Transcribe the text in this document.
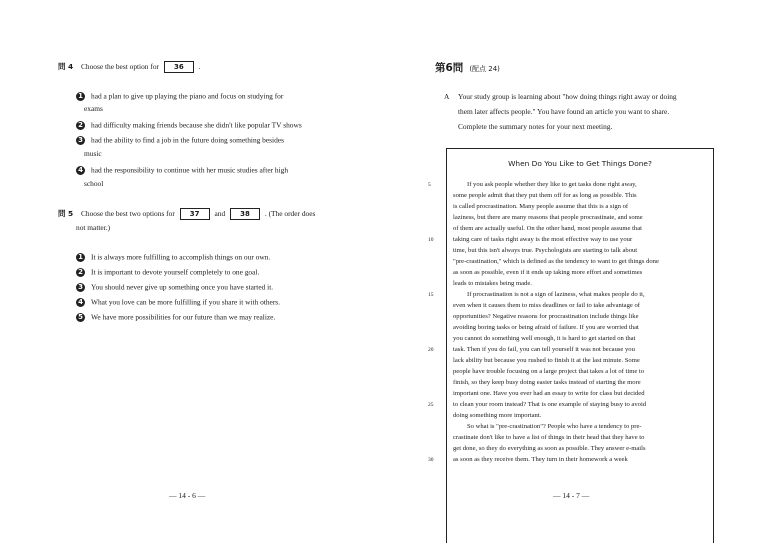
問 4 Choose the best option for 36 .
1 had a plan to give up playing the piano and focus on studying for
exams
2 had difficulty making friends because she didn't like popular TV shows
3 had the ability to find a job in the future doing something besides
music
4 had the responsibility to continue with her music studies after high
school
問 5 Choose the best two options for 37 and 38 . (The order does
not matter.)
1 It is always more fulfilling to accomplish things on our own.
2 It is important to devote yourself completely to one goal.
3 You should never give up something once you have started it.
4 What you love can be more fulfilling if you share it with others.
5 We have more possibilities for our future than we may realize.
— 14 - 6 —
第6問 (配点 24)
A Your study group is learning about "how doing things right away or doing
them later affects people." You have found an article you want to share.
Complete the summary notes for your next meeting.
5
10
15
20
25
30
When Do You Like to Get Things Done?
If you ask people whether they like to get tasks done right away,
some people admit that they put them off for as long as possible. This
is called procrastination. Many people assume that this is a sign of
laziness, but there are many reasons that people procrastinate, and some
of them are actually useful. On the other hand, most people assume that
taking care of tasks right away is the most effective way to use your
time, but this isn't always true. Psychologists are starting to talk about
"pre-crastination," which is defined as the tendency to want to get things done
as soon as possible, even if it ends up taking more effort and sometimes
leads to mistakes being made.
If procrastination is not a sign of laziness, what makes people do it,
even when it causes them to miss deadlines or fail to take advantage of
opportunities? Negative reasons for procrastination include things like
avoiding boring tasks or being afraid of failure. If you are worried that
you cannot do something well enough, it is hard to get started on that
task. Then if you do fail, you can tell yourself it was not because you
lack ability but because you rushed to finish it at the last minute. Some
people have trouble focusing on a large project that takes a lot of time to
finish, so they keep busy doing easier tasks instead of starting the more
important one. Have you ever had an essay to write for class but decided
to clean your room instead? That is one example of staying busy to avoid
doing something more important.
So what is "pre-crastination"? People who have a tendency to pre-
crastinate don't like to have a list of things in their head that they have to
get done, so they do everything as soon as possible. They answer e-mails
as soon as they receive them. They turn in their homework a week
— 14 - 7 —
